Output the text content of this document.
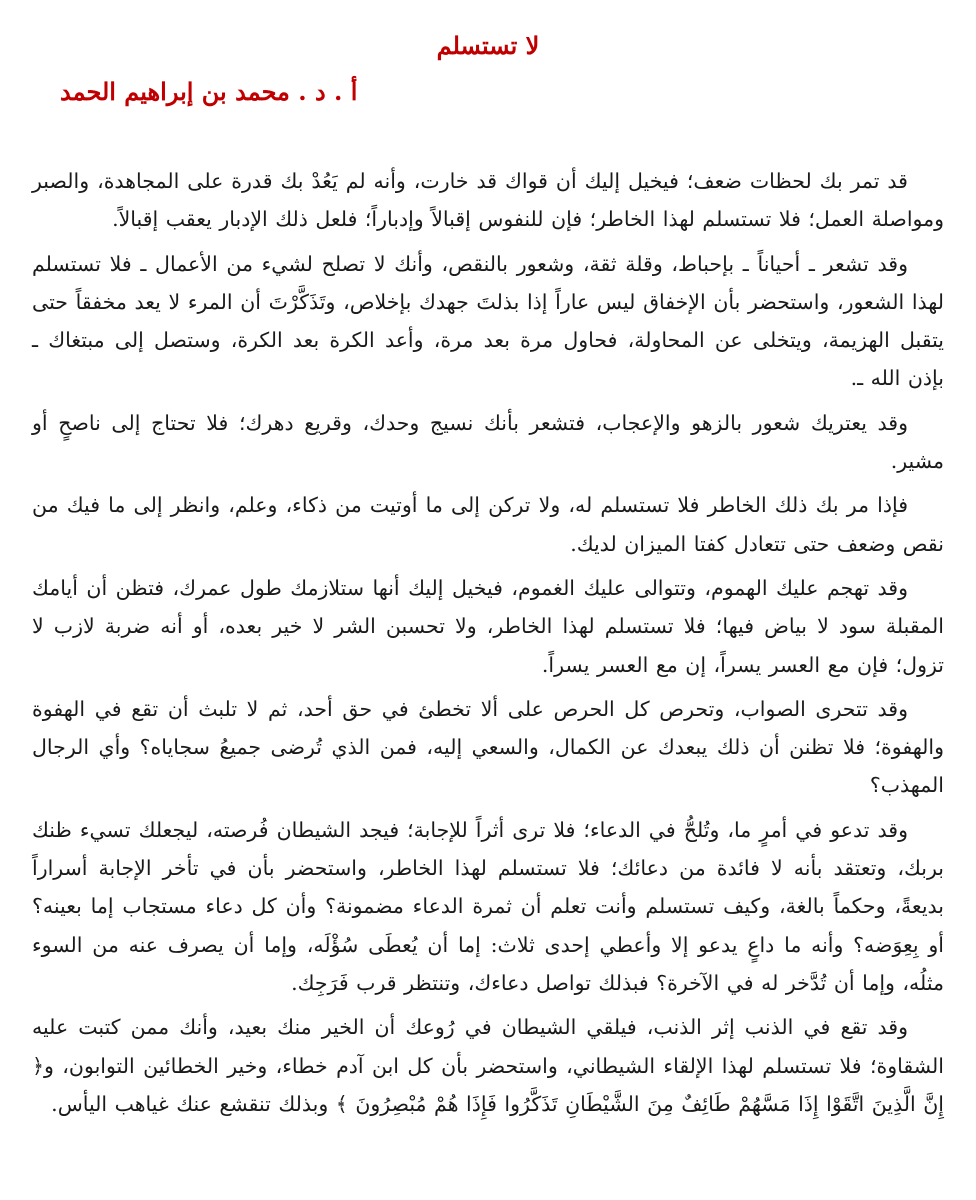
لا تستسلم
أ . د . محمد بن إبراهيم الحمد

قد تمر بك لحظات ضعف؛ فيخيل إليك أن قواك قد خارت، وأنه لم يَعُدْ بك قدرة على المجاهدة، والصبر ومواصلة العمل؛ فلا تستسلم لهذا الخاطر؛ فإن للنفوس إقبالاً وإدباراً؛ فلعل ذلك الإدبار يعقب إقبالاً.

وقد تشعر ـ أحياناً ـ بإحباط، وقلة ثقة، وشعور بالنقص، وأنك لا تصلح لشيء من الأعمال ـ فلا تستسلم لهذا الشعور، واستحضر بأن الإخفاق ليس عاراً إذا بذلتَ جهدك بإخلاص، وتَذَكَّرْتَ أن المرء لا يعد مخفقاً حتى يتقبل الهزيمة، ويتخلى عن المحاولة، فحاول مرة بعد مرة، وأعد الكرة بعد الكرة، وستصل إلى مبتغاك ـ بإذن الله ـ.

وقد يعتريك شعور بالزهو والإعجاب، فتشعر بأنك نسيج وحدك، وقريع دهرك؛ فلا تحتاج إلى ناصحٍ أو مشير.

فإذا مر بك ذلك الخاطر فلا تستسلم له، ولا تركن إلى ما أوتيت من ذكاء، وعلم، وانظر إلى ما فيك من نقص وضعف حتى تتعادل كفتا الميزان لديك.

وقد تهجم عليك الهموم، وتتوالى عليك الغموم، فيخيل إليك أنها ستلازمك طول عمرك، فتظن أن أيامك المقبلة سود لا بياض فيها؛ فلا تستسلم لهذا الخاطر، ولا تحسبن الشر لا خير بعده، أو أنه ضربة لازب لا تزول؛ فإن مع العسر يسراً، إن مع العسر يسراً.

وقد تتحرى الصواب، وتحرص كل الحرص على ألا تخطئ في حق أحد، ثم لا تلبث أن تقع في الهفوة والهفوة؛ فلا تظنن أن ذلك يبعدك عن الكمال، والسعي إليه، فمن الذي تُرضى جميعُ سجاياه؟ وأي الرجال المهذب؟

وقد تدعو في أمرٍ ما، وتُلحُّ في الدعاء؛ فلا ترى أثراً للإجابة؛ فيجد الشيطان فُرصته، ليجعلك تسيء ظنك بربك، وتعتقد بأنه لا فائدة من دعائك؛ فلا تستسلم لهذا الخاطر، واستحضر بأن في تأخر الإجابة أسراراً بديعةً، وحكماً بالغة، وكيف تستسلم وأنت تعلم أن ثمرة الدعاء مضمونة؟ وأن كل دعاء مستجاب إما بعينه؟ أو بِعِوَضه؟ وأنه ما داعٍ يدعو إلا وأعطي إحدى ثلاث: إما أن يُعطَى سُؤْلَه، وإما أن يصرف عنه من السوء مثلُه، وإما أن تُدَّخر له في الآخرة؟ فبذلك تواصل دعاءك، وتنتظر قرب فَرَجِك.

وقد تقع في الذنب إثر الذنب، فيلقي الشيطان في رُوعك أن الخير منك بعيد، وأنك ممن كتبت عليه الشقاوة؛ فلا تستسلم لهذا الإلقاء الشيطاني، واستحضر بأن كل ابن آدم خطاء، وخير الخطائين التوابون، و﴿ إِنَّ الَّذِينَ اتَّقَوْا إِذَا مَسَّهُمْ طَائِفٌ مِنَ الشَّيْطَانِ تَذَكَّرُوا فَإِذَا هُمْ مُبْصِرُونَ ﴾ وبذلك تنقشع عنك غياهب اليأس.
